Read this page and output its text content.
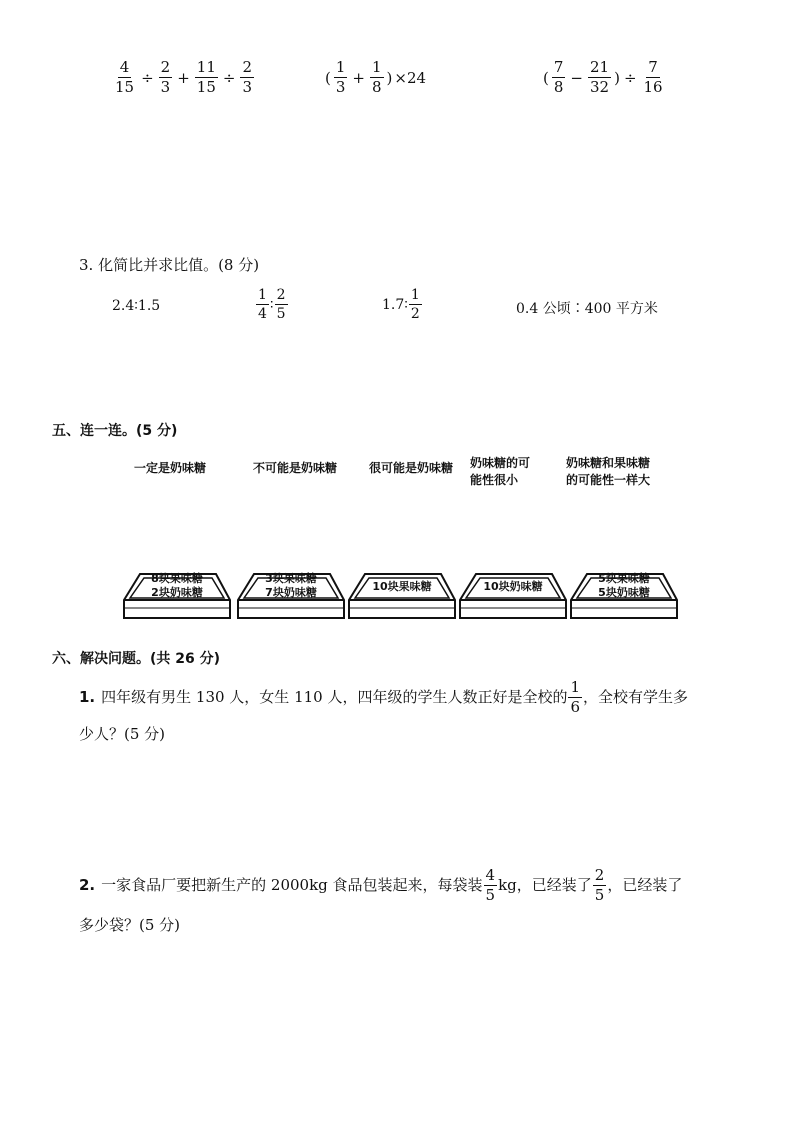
$\frac{4}{15} \div \frac{2}{3} + \frac{11}{15} \div \frac{2}{3}$	( $\frac{1}{3} + \frac{1}{8}$ ) ×24	( $\frac{7}{8} - \frac{21}{32}$ ) ÷ $\frac{7}{16}$
3. 化简比并求比值。(8 分)
2.4∶1.5	$\frac{1}{4}$ ∶ $\frac{2}{5}$	1.7∶ $\frac{1}{2}$	0.4 公顷∶400 平方米
五、连一连。(5 分)
一定是奶味糖	不可能是奶味糖	很可能是奶味糖	奶味糖的可
能性很小
奶味糖和果味糖
的可能性一样大
8块果味糖
2块奶味糖
3块果味糖
7块奶味糖	10块果味糖	10块奶味糖
5块果味糖
5块奶味糖
六、解决问题。(共 26 分)
1. 四年级有男生 130 人，女生 110 人，四年级的学生人数正好是全校的 $\frac{1}{6}$ ，全校有学生多
少人？(5 分)
2. 一家食品厂要把新生产的 2000kg 食品包装起来，每袋装 $\frac{4}{5}$ kg，已经装了 $\frac{2}{5}$ ，已经装了
多少袋？(5 分)
